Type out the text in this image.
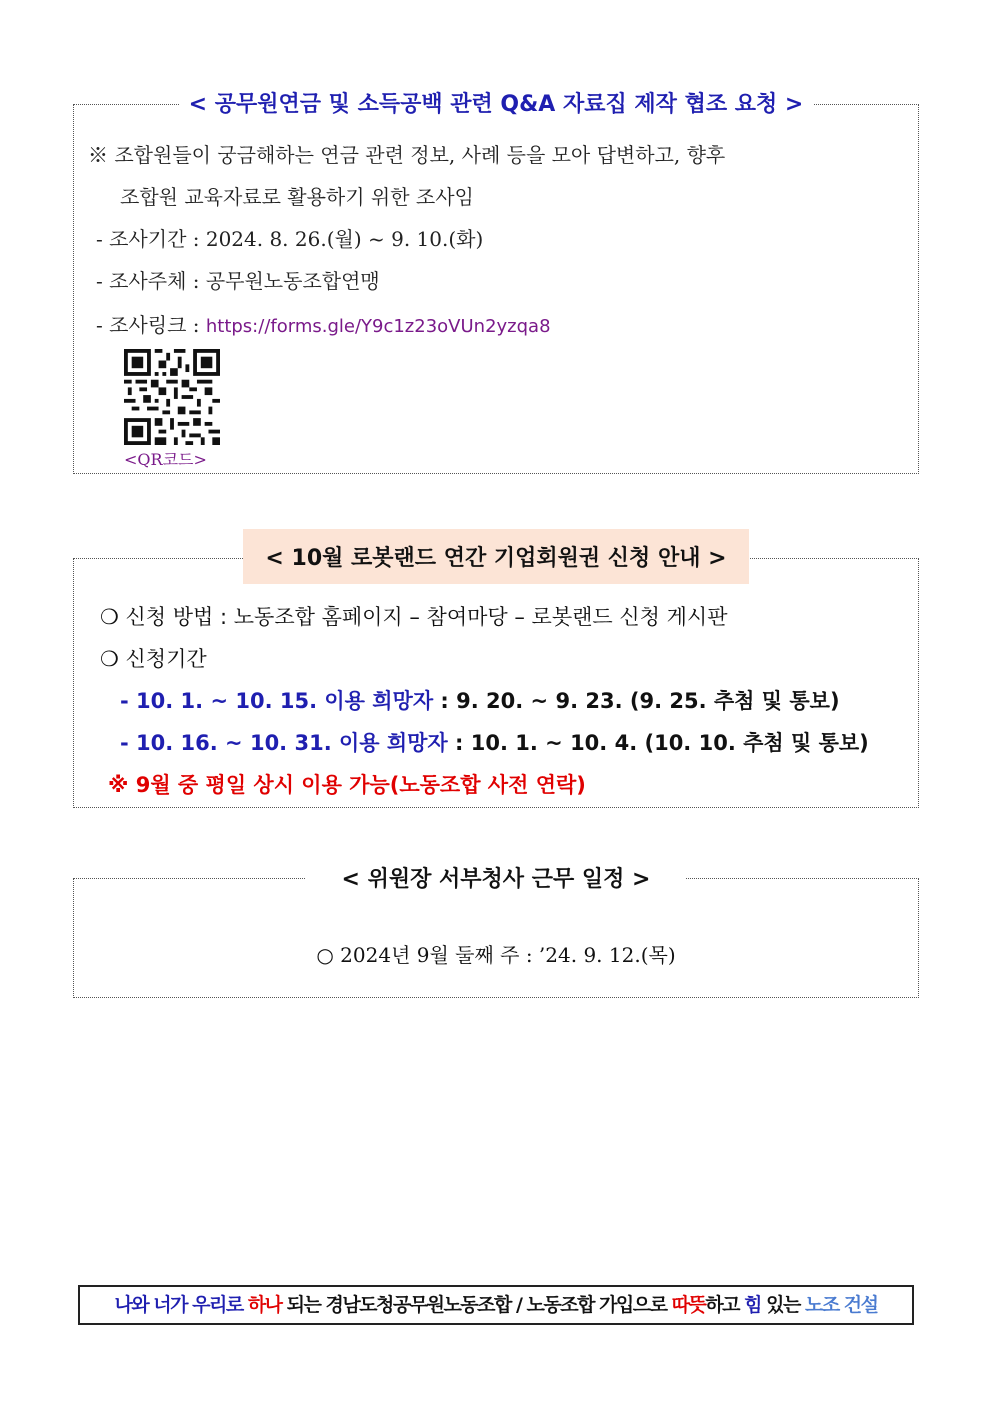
< 공무원연금 및 소득공백 관련 Q&A 자료집 제작 협조 요청 >
※ 조합원들이 궁금해하는 연금 관련 정보, 사례 등을 모아 답변하고, 향후
조합원 교육자료로 활용하기 위한 조사임
- 조사기간 : 2024. 8. 26.(월) ~ 9. 10.(화)
- 조사주체 : 공무원노동조합연맹
- 조사링크 : https://forms.gle/Y9c1z23oVUn2yzqa8
<QR코드>
< 10월 로봇랜드 연간 기업회원권 신청 안내 >
❍ 신청 방법 : 노동조합 홈페이지 – 참여마당 – 로봇랜드 신청 게시판
❍ 신청기간
- 10. 1. ~ 10. 15. 이용 희망자 : 9. 20. ~ 9. 23. (9. 25. 추첨 및 통보)
- 10. 16. ~ 10. 31. 이용 희망자 : 10. 1. ~ 10. 4. (10. 10. 추첨 및 통보)
※ 9월 중 평일 상시 이용 가능(노동조합 사전 연락)
< 위원장 서부청사 근무 일정 >
○ 2024년 9월 둘째 주 : ’24. 9. 12.(목)
나와 너가 우리로 하나 되는 경남도청공무원노동조합 / 노동조합 가입으로 따뜻하고 힘 있는 노조 건설
